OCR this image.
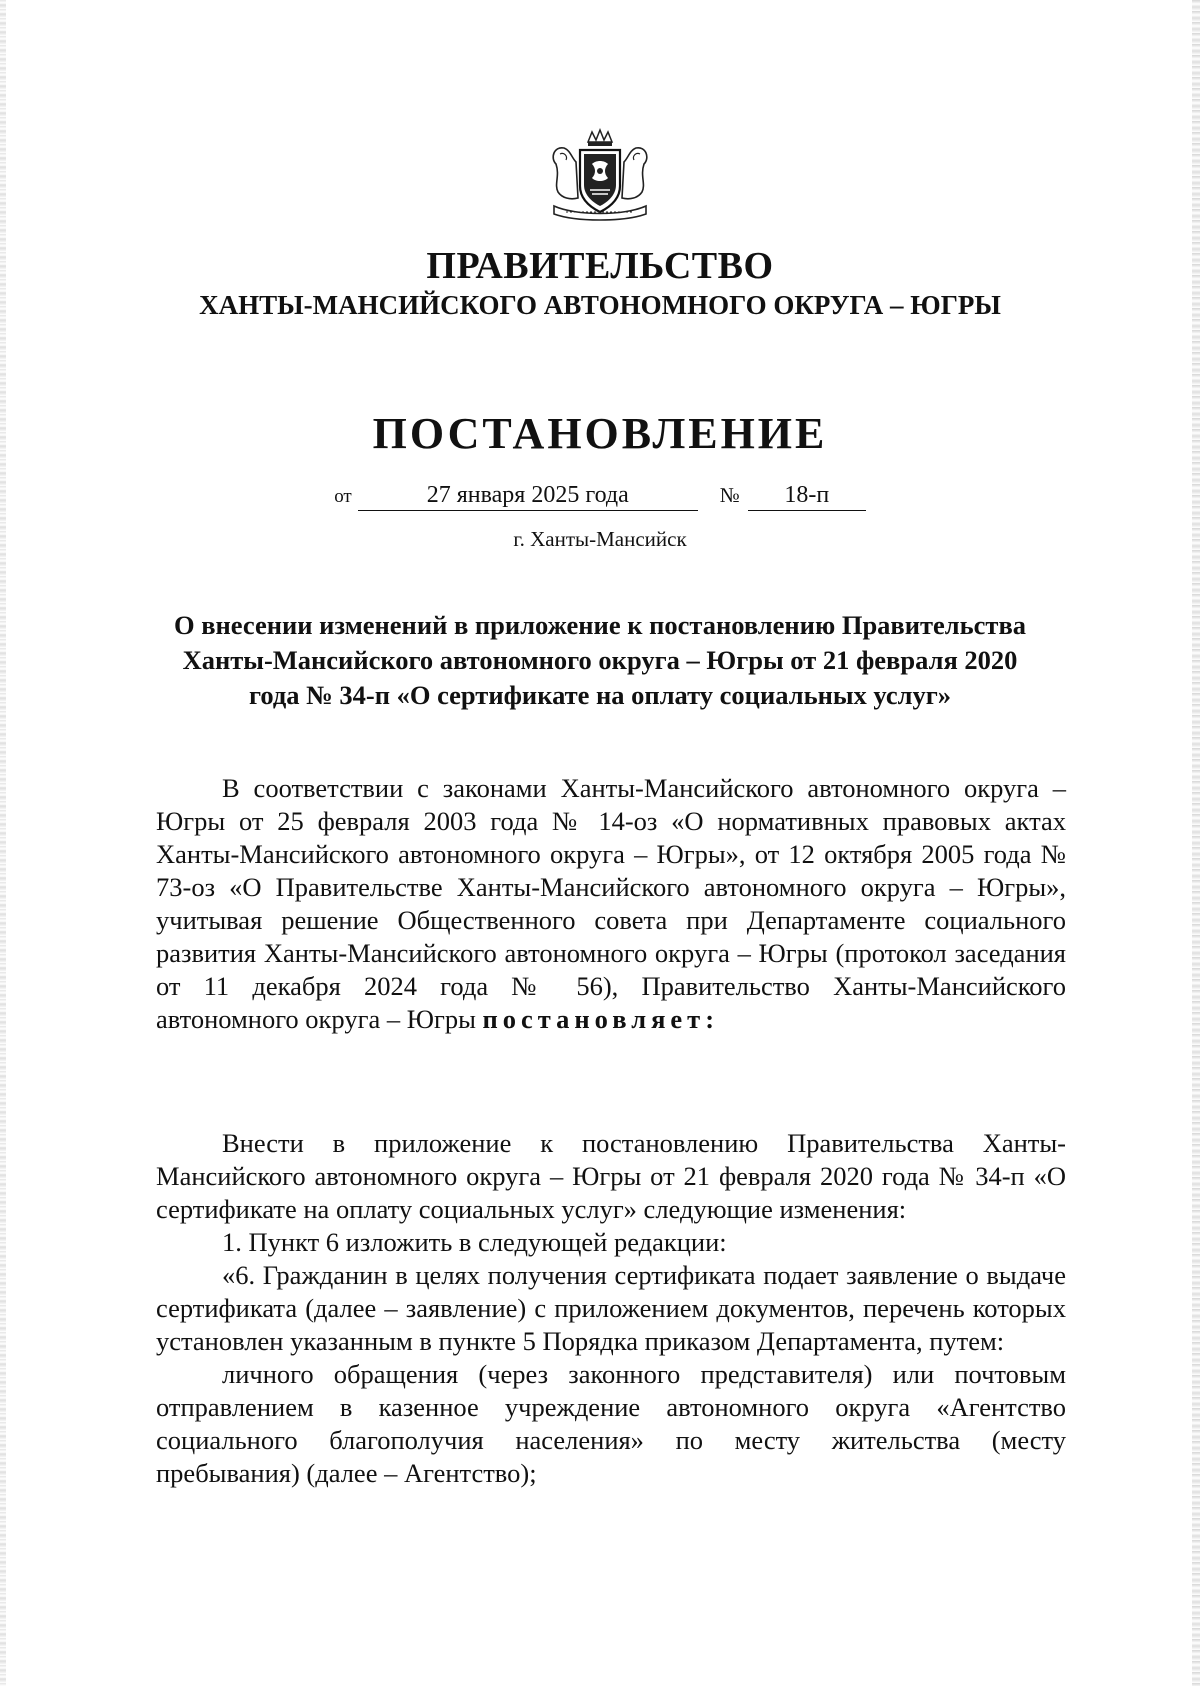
ПРАВИТЕЛЬСТВО
ХАНТЫ-МАНСИЙСКОГО АВТОНОМНОГО ОКРУГА – ЮГРЫ
ПОСТАНОВЛЕНИЕ
от	27 января 2025 года	№ 18-п
г. Ханты-Мансийск
О внесении изменений в приложение к постановлению Правительства Ханты-Мансийского автономного округа – Югры от 21 февраля 2020 года № 34-п «О сертификате на оплату социальных услуг»

В соответствии с законами Ханты-Мансийского автономного округа – Югры от 25 февраля 2003 года № 14-оз «О нормативных правовых актах Ханты-Мансийского автономного округа – Югры», от 12 октября 2005 года № 73-оз «О Правительстве Ханты-Мансийского автономного округа – Югры», учитывая решение Общественного совета при Департаменте социального развития Ханты-Мансийского автономного округа – Югры (протокол заседания от 11 декабря 2024 года № 56), Правительство Ханты-Мансийского автономного округа – Югры постановляет:

Внести в приложение к постановлению Правительства Ханты-Мансийского автономного округа – Югры от 21 февраля 2020 года № 34-п «О сертификате на оплату социальных услуг» следующие изменения:

1. Пункт 6 изложить в следующей редакции:

«6. Гражданин в целях получения сертификата подает заявление о выдаче сертификата (далее – заявление) с приложением документов, перечень которых установлен указанным в пункте 5 Порядка приказом Департамента, путем:

личного обращения (через законного представителя) или почтовым отправлением в казенное учреждение автономного округа «Агентство социального благополучия населения» по месту жительства (месту пребывания) (далее – Агентство);
